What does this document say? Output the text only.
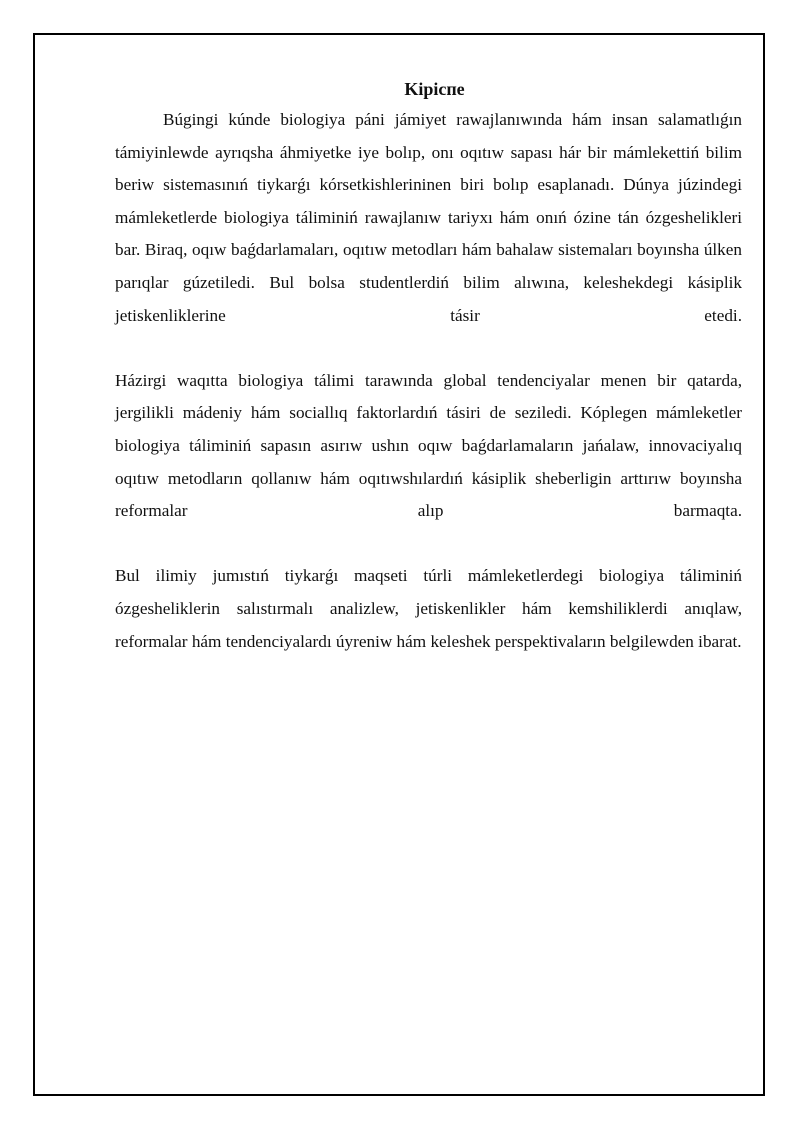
Kipicпe

Búgingi kúnde biologiya páni jámiyet rawajlanıwında hám insan salamatlıǵın támiyinlewde ayrıqsha áhmiyetke iye bolıp, onı oqıtıw sapası hár bir mámlekettiń bilim beriw sistemasınıń tiykarǵı kórsetkishlerininen biri bolıp esaplanadı. Dúnya júzindegi mámleketlerde biologiya táliminiń rawajlanıw tariyxı hám onıń ózine tán ózgeshelikleri bar. Biraq, oqıw baǵdarlamaları, oqıtıw metodları hám bahalaw sistemaları boyınsha úlken parıqlar gúzetiledi. Bul bolsa studentlerdiń bilim alıwına, keleshekdegi kásiplik jetiskenliklerine tásir etedi.

Házirgi waqıtta biologiya tálimi tarawında global tendenciyalar menen bir qatarda, jergilikli mádeniy hám sociallıq faktorlardıń tásiri de seziledi. Kóplegen mámleketler biologiya táliminiń sapasın asırıw ushın oqıw baǵdarlamaların jańalaw, innovaciyalıq oqıtıw metodların qollanıw hám oqıtıwshılardıń kásiplik sheberligin arttırıw boyınsha reformalar alıp barmaqta.

Bul ilimiy jumıstıń tiykarǵı maqseti túrli mámleketlerdegi biologiya táliminiń ózgesheliklerin salıstırmalı analizlew, jetiskenlikler hám kemshiliklerdi anıqlaw, reformalar hám tendenciyalardı úyreniw hám keleshek perspektivaların belgilewden ibarat.
